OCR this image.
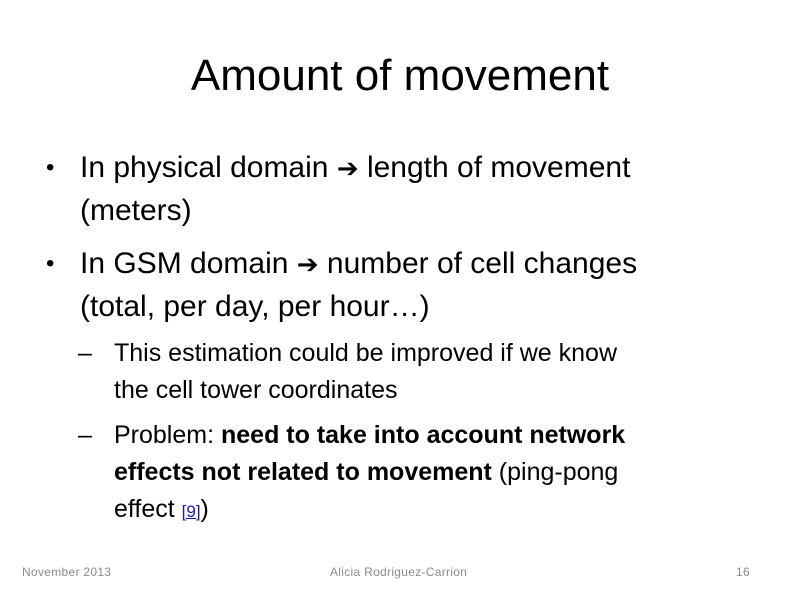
Amount of movement
• In physical domain ➔ length of movement
(meters)
• In GSM domain ➔ number of cell changes
(total, per day, per hour…)
– This estimation could be improved if we know
the cell tower coordinates
– Problem: need to take into account network
effects not related to movement (ping-pong
effect [9])
November 2013	Alicia Rodriguez-Carrion	16
